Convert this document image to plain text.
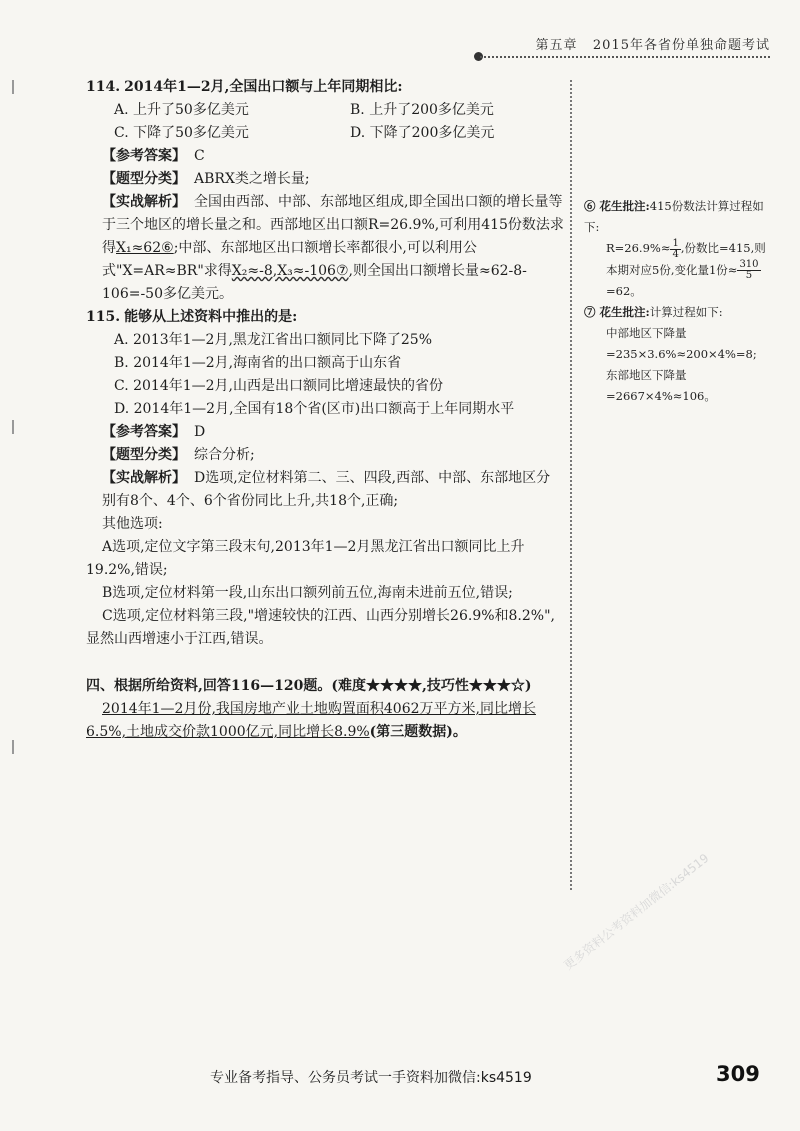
第五章 2015年各省份单独命题考试

114. 2014年1—2月,全国出口额与上年同期相比:

A. 上升了50多亿美元	B. 上升了200多亿美元
C. 下降了50多亿美元	D. 下降了200多亿美元

【参考答案】 C

【题型分类】 ABRX类之增长量;

【实战解析】 全国由西部、中部、东部地区组成,即全国出口额的增长量等于三个地区的增长量之和。西部地区出口额R=26.9%,可利用415份数法求得X₁≈62⑥;中部、东部地区出口额增长率都很小,可以利用公式"X=AR≈BR"求得X₂≈-8,X₃≈-106⑦,则全国出口额增长量≈62-8-106=-50多亿美元。

115. 能够从上述资料中推出的是:

A. 2013年1—2月,黑龙江省出口额同比下降了25%

B. 2014年1—2月,海南省的出口额高于山东省

C. 2014年1—2月,山西是出口额同比增速最快的省份

D. 2014年1—2月,全国有18个省(区市)出口额高于上年同期水平

【参考答案】 D

【题型分类】 综合分析;

【实战解析】 D选项,定位材料第二、三、四段,西部、中部、东部地区分别有8个、4个、6个省份同比上升,共18个,正确;

其他选项:

A选项,定位文字第三段末句,2013年1—2月黑龙江省出口额同比上升19.2%,错误;

B选项,定位材料第一段,山东出口额列前五位,海南未进前五位,错误;

C选项,定位材料第三段,"增速较快的江西、山西分别增长26.9%和8.2%",显然山西增速小于江西,错误。

四、根据所给资料,回答116—120题。(难度★★★★,技巧性★★★☆)

2014年1—2月份,我国房地产业土地购置面积4062万平方米,同比增长6.5%,土地成交价款1000亿元,同比增长8.9%(第三题数据)。

⑥ 花生批注:415份数法计算过程如下:

$R=26.9\%\approx \frac{1}{4}$ ,份数比=415,则本期对应5份,变化量1份≈ $\frac{310}{5}$
=62。

⑦ 花生批注:计算过程如下:

中部地区下降量=235×3.6%≈200×4%=8;

东部地区下降量=2667×4%≈106。

更多资料公考资料加微信:ks4519
专业备考指导、公务员考试一手资料加微信:ks4519	309
